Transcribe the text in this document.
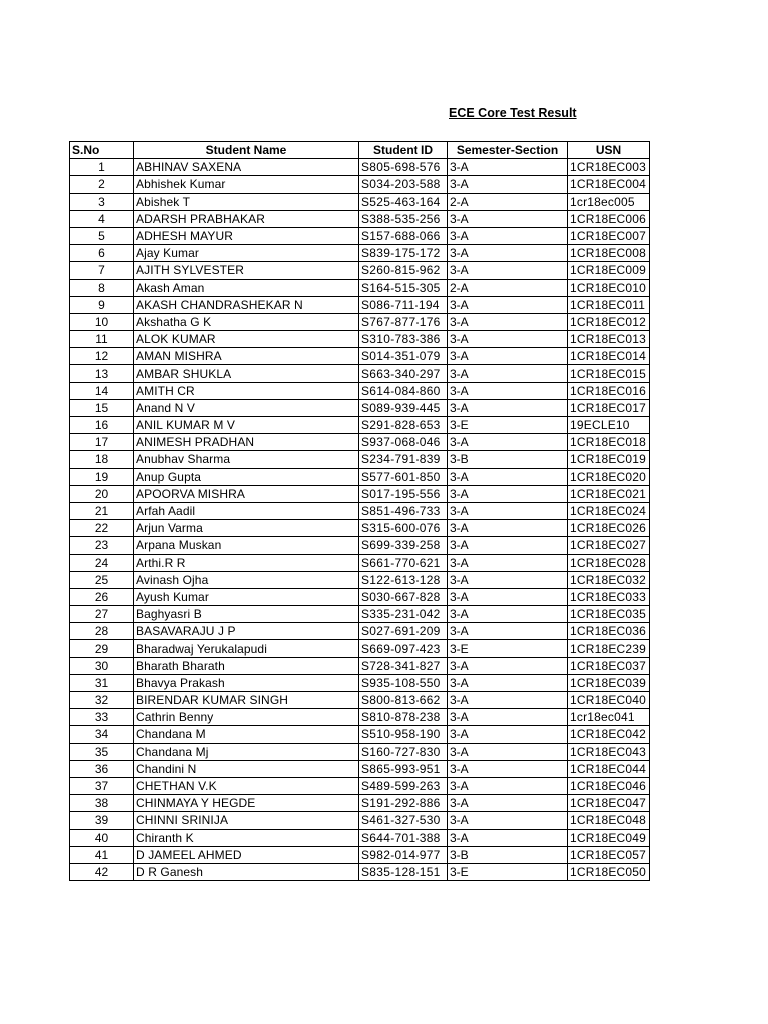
ECE Core Test Result
S.No	Student Name	Student ID	Semester-Section	USN
1	ABHINAV SAXENA	S805-698-576	3-A	1CR18EC003
2	Abhishek Kumar	S034-203-588	3-A	1CR18EC004
3	Abishek T	S525-463-164	2-A	1cr18ec005
4	ADARSH PRABHAKAR	S388-535-256	3-A	1CR18EC006
5	ADHESH MAYUR	S157-688-066	3-A	1CR18EC007
6	Ajay Kumar	S839-175-172	3-A	1CR18EC008
7	AJITH SYLVESTER	S260-815-962	3-A	1CR18EC009
8	Akash Aman	S164-515-305	2-A	1CR18EC010
9	AKASH CHANDRASHEKAR N	S086-711-194	3-A	1CR18EC011
10	Akshatha G K	S767-877-176	3-A	1CR18EC012
11	ALOK KUMAR	S310-783-386	3-A	1CR18EC013
12	AMAN MISHRA	S014-351-079	3-A	1CR18EC014
13	AMBAR SHUKLA	S663-340-297	3-A	1CR18EC015
14	AMITH CR	S614-084-860	3-A	1CR18EC016
15	Anand N V	S089-939-445	3-A	1CR18EC017
16	ANIL KUMAR M V	S291-828-653	3-E	19ECLE10
17	ANIMESH PRADHAN	S937-068-046	3-A	1CR18EC018
18	Anubhav Sharma	S234-791-839	3-B	1CR18EC019
19	Anup Gupta	S577-601-850	3-A	1CR18EC020
20	APOORVA MISHRA	S017-195-556	3-A	1CR18EC021
21	Arfah Aadil	S851-496-733	3-A	1CR18EC024
22	Arjun Varma	S315-600-076	3-A	1CR18EC026
23	Arpana Muskan	S699-339-258	3-A	1CR18EC027
24	Arthi.R R	S661-770-621	3-A	1CR18EC028
25	Avinash Ojha	S122-613-128	3-A	1CR18EC032
26	Ayush Kumar	S030-667-828	3-A	1CR18EC033
27	Baghyasri B	S335-231-042	3-A	1CR18EC035
28	BASAVARAJU J P	S027-691-209	3-A	1CR18EC036
29	Bharadwaj Yerukalapudi	S669-097-423	3-E	1CR18EC239
30	Bharath Bharath	S728-341-827	3-A	1CR18EC037
31	Bhavya Prakash	S935-108-550	3-A	1CR18EC039
32	BIRENDAR KUMAR SINGH	S800-813-662	3-A	1CR18EC040
33	Cathrin Benny	S810-878-238	3-A	1cr18ec041
34	Chandana M	S510-958-190	3-A	1CR18EC042
35	Chandana Mj	S160-727-830	3-A	1CR18EC043
36	Chandini N	S865-993-951	3-A	1CR18EC044
37	CHETHAN V.K	S489-599-263	3-A	1CR18EC046
38	CHINMAYA Y HEGDE	S191-292-886	3-A	1CR18EC047
39	CHINNI SRINIJA	S461-327-530	3-A	1CR18EC048
40	Chiranth K	S644-701-388	3-A	1CR18EC049
41	D JAMEEL AHMED	S982-014-977	3-B	1CR18EC057
42	D R Ganesh	S835-128-151	3-E	1CR18EC050
